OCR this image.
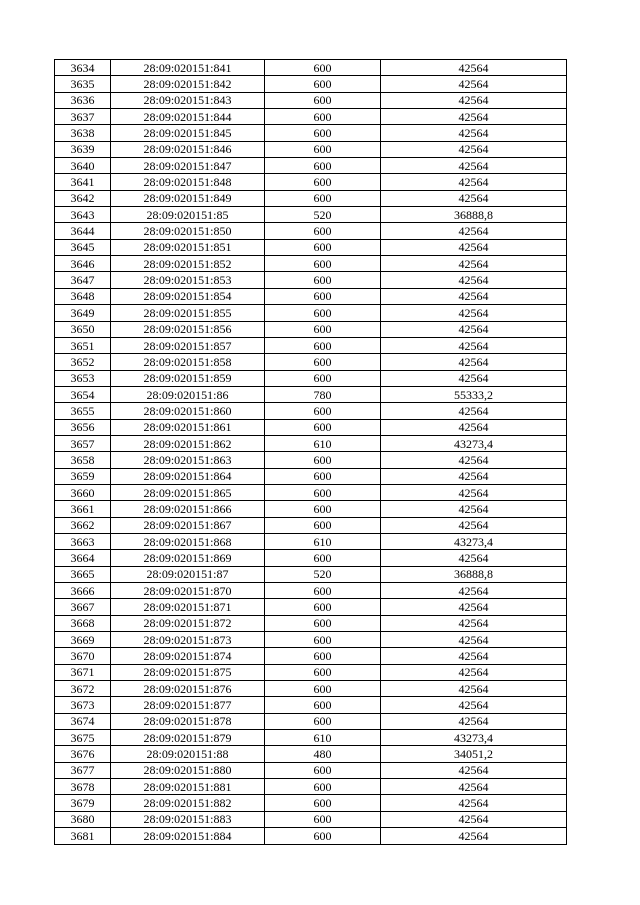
3634	28:09:020151:841	600	42564
3635	28:09:020151:842	600	42564
3636	28:09:020151:843	600	42564
3637	28:09:020151:844	600	42564
3638	28:09:020151:845	600	42564
3639	28:09:020151:846	600	42564
3640	28:09:020151:847	600	42564
3641	28:09:020151:848	600	42564
3642	28:09:020151:849	600	42564
3643	28:09:020151:85	520	36888,8
3644	28:09:020151:850	600	42564
3645	28:09:020151:851	600	42564
3646	28:09:020151:852	600	42564
3647	28:09:020151:853	600	42564
3648	28:09:020151:854	600	42564
3649	28:09:020151:855	600	42564
3650	28:09:020151:856	600	42564
3651	28:09:020151:857	600	42564
3652	28:09:020151:858	600	42564
3653	28:09:020151:859	600	42564
3654	28:09:020151:86	780	55333,2
3655	28:09:020151:860	600	42564
3656	28:09:020151:861	600	42564
3657	28:09:020151:862	610	43273,4
3658	28:09:020151:863	600	42564
3659	28:09:020151:864	600	42564
3660	28:09:020151:865	600	42564
3661	28:09:020151:866	600	42564
3662	28:09:020151:867	600	42564
3663	28:09:020151:868	610	43273,4
3664	28:09:020151:869	600	42564
3665	28:09:020151:87	520	36888,8
3666	28:09:020151:870	600	42564
3667	28:09:020151:871	600	42564
3668	28:09:020151:872	600	42564
3669	28:09:020151:873	600	42564
3670	28:09:020151:874	600	42564
3671	28:09:020151:875	600	42564
3672	28:09:020151:876	600	42564
3673	28:09:020151:877	600	42564
3674	28:09:020151:878	600	42564
3675	28:09:020151:879	610	43273,4
3676	28:09:020151:88	480	34051,2
3677	28:09:020151:880	600	42564
3678	28:09:020151:881	600	42564
3679	28:09:020151:882	600	42564
3680	28:09:020151:883	600	42564
3681	28:09:020151:884	600	42564
